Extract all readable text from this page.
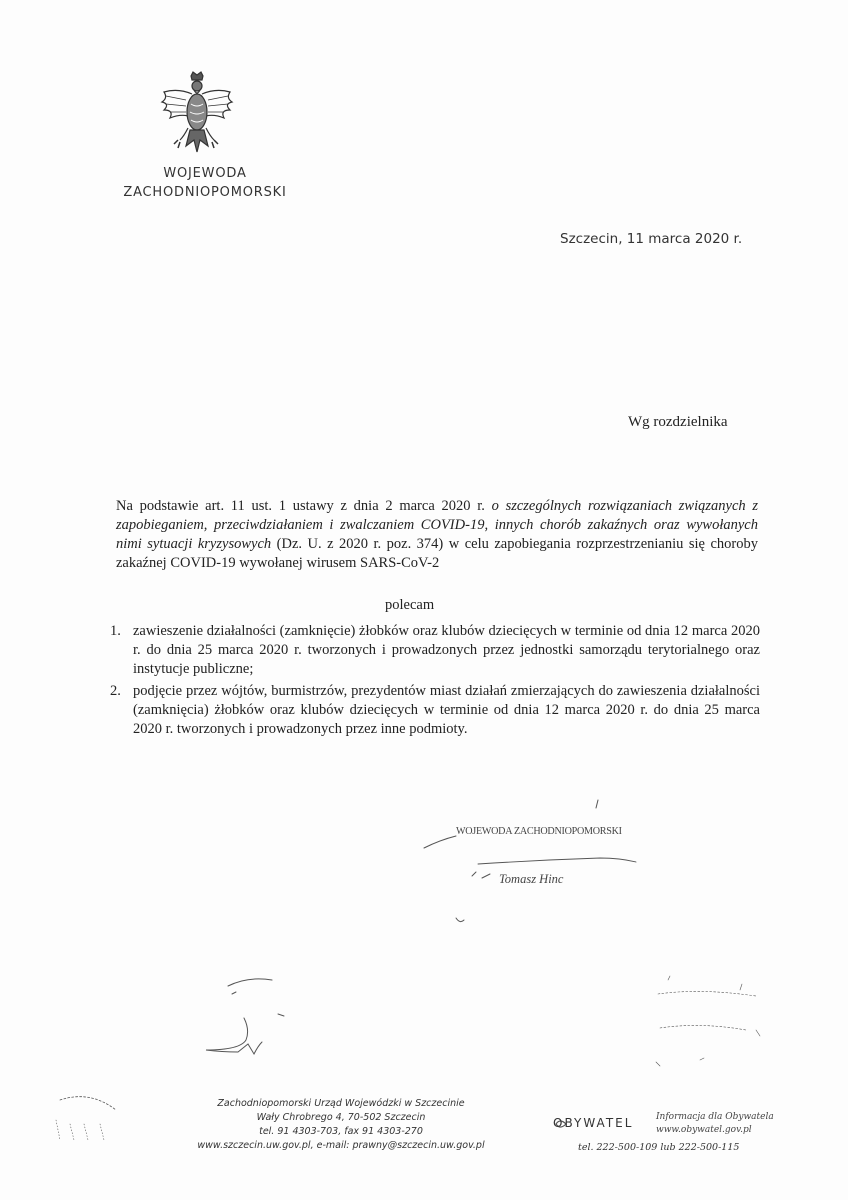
WOJEWODA
ZACHODNIOPOMORSKI
Szczecin, 11 marca 2020 r.
Wg rozdzielnika
Na podstawie art. 11 ust. 1 ustawy z dnia 2 marca 2020 r. o szczególnych rozwiązaniach związanych z zapobieganiem, przeciwdziałaniem i zwalczaniem COVID-19, innych chorób zakaźnych oraz wywołanych nimi sytuacji kryzysowych (Dz. U. z 2020 r. poz. 374) w celu zapobiegania rozprzestrzenianiu się choroby zakaźnej COVID-19 wywołanej wirusem SARS-CoV-2
polecam
1. zawieszenie działalności (zamknięcie) żłobków oraz klubów dziecięcych w terminie od dnia 12 marca 2020 r. do dnia 25 marca 2020 r. tworzonych i prowadzonych przez jednostki samorządu terytorialnego oraz instytucje publiczne;
2. podjęcie przez wójtów, burmistrzów, prezydentów miast działań zmierzających do zawieszenia działalności (zamknięcia) żłobków oraz klubów dziecięcych w terminie od dnia 12 marca 2020 r. do dnia 25 marca 2020 r. tworzonych i prowadzonych przez inne podmioty.
WOJEWODA ZACHODNIOPOMORSKI
Tomasz Hinc
Zachodniopomorski Urząd Wojewódzki w Szczecinie
Wały Chrobrego 4, 70-502 Szczecin
tel. 91 4303-703, fax 91 4303-270
www.szczecin.uw.gov.pl, e-mail: prawny@szczecin.uw.gov.pl
OBYWATEL	Informacja dla Obywatela
www.obywatel.gov.pl
tel. 222-500-109 lub 222-500-115
